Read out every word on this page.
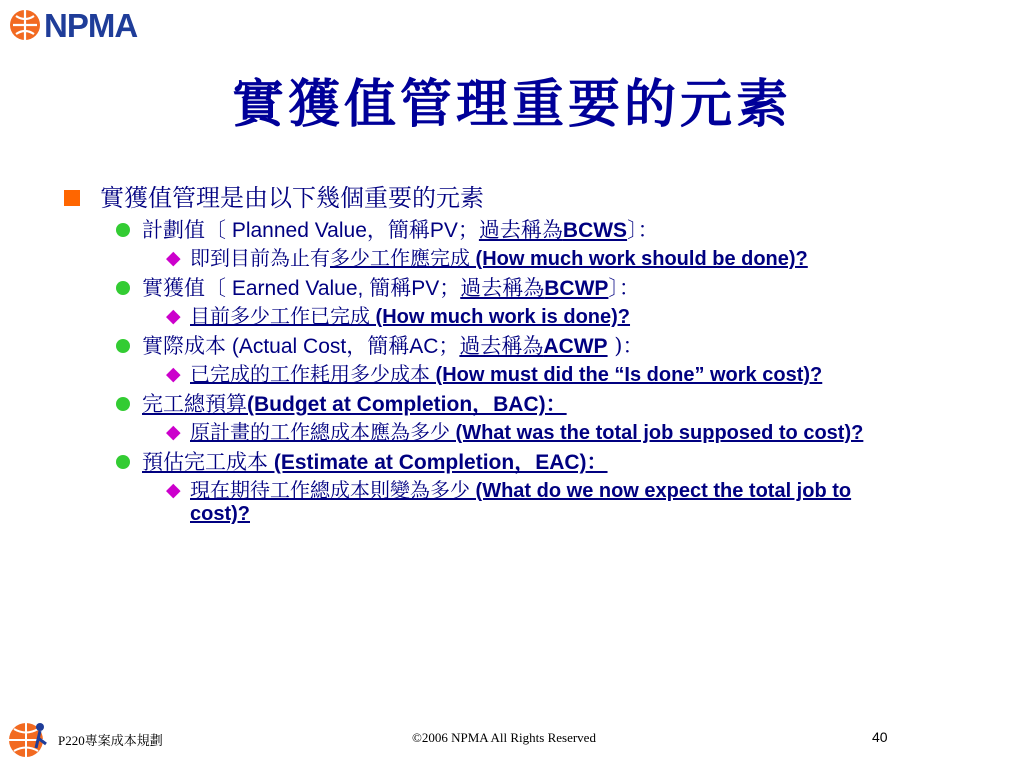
NPMA
實獲值管理重要的元素
實獲值管理是由以下幾個重要的元素
計劃值〔 Planned Value，簡稱PV；過去稱為BCWS〕：
◆ 即到目前為止有多少工作應完成 (How much work should be done)?
實獲值〔 Earned Value, 簡稱PV；過去稱為BCWP〕：
◆ 目前多少工作已完成 (How much work is done)?
實際成本 (Actual Cost，簡稱AC；過去稱為ACWP )：
◆ 已完成的工作耗用多少成本 (How must did the “Is done” work cost)?
完工總預算(Budget at Completion，BAC)：
◆ 原計畫的工作總成本應為多少 (What was the total job supposed to cost)?
預估完工成本 (Estimate at Completion，EAC)：
◆ 現在期待工作總成本則變為多少 (What do we now expect the total job to cost)?
P220專案成本規劃	©2006 NPMA All Rights Reserved	40
